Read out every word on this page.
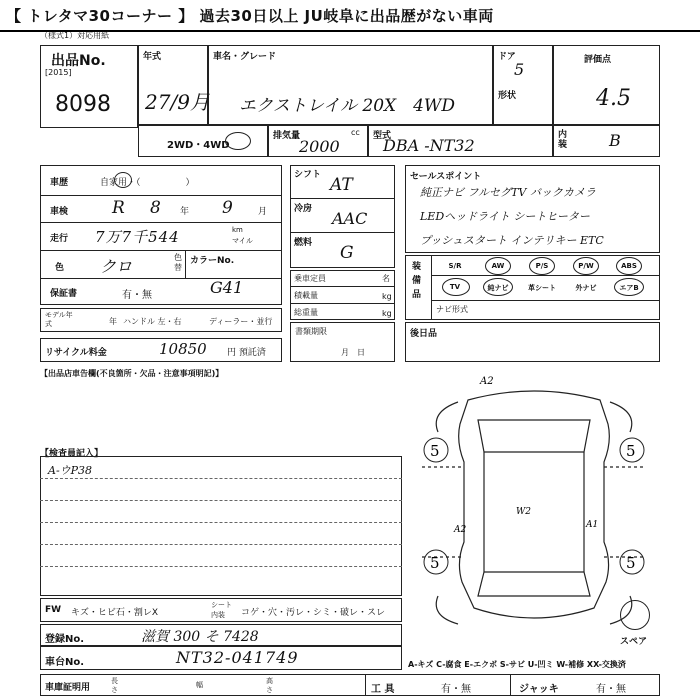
【 トレタマ30コーナー 】 過去30日以上 JU岐阜に出品歴がない車両
（様式1）対応用紙
出品No.
[2015]
8098
年式
27/9月
車名・グレード
エクストレイル 20X　4WD
ドア
5
形状
評価点
4.5
内装	B
2WD・4WD
排気量	cc
2000
型式
DBA -NT32
車歴	自家用・（　　　　　）
車検	R 8 年 9	月
走行 7万7千544	km
マイル
色 クロ	色替
カラーNo.
G41
保証書	有・無
モデル年式	年 ハンドル 左・右	ディーラー・並行
リサイクル料金	10850 円 預託済
シフト AT
冷房 AAC
燃料 G
乗車定員	名
積載量	kg
総重量	kg
書類期限
月　日
セールスポイント
純正ナビ フルセグTV バックカメラ
LEDヘッドライト シートヒーター
プッシュスタート インテリキー ETC
装備品
S/R	AW	P/S	P/W	ABS
TV	純ナビ	革シート	外ナビ	エアB
ナビ形式
後日品
【出品店車告欄(不良箇所・欠品・注意事項明記)】
【検査員記入】
A-ウP38
5	5
5	5
A2
W2
A2	A1
スペア
FW キズ・ヒビ石・割レX
シート内装	コゲ・穴・汚レ・シミ・破レ・スレ
登録No.	滋賀 300 そ 7428
車台No.	NT32-041749	A-キズ C-腐食 E-エクボ S-サビ U-凹ミ W-補修 XX-交換済
車庫証明用
長さ
幅	高さ	工 具	有・無	ジャッキ	有・無
